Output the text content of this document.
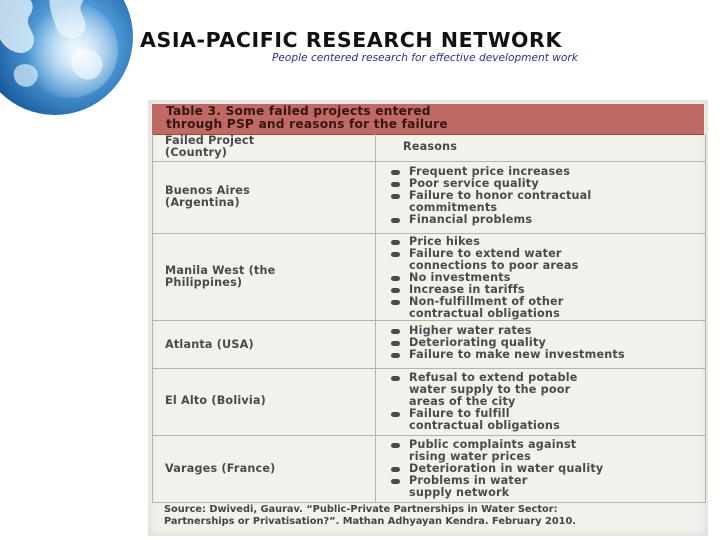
ASIA-PACIFIC RESEARCH NETWORK

People centered research for effective development work

Table 3. Some failed projects entered
through PSP and reasons for the failure
Failed Project
(Country)	Reasons
Buenos Aires
(Argentina)
Frequent price increases
Poor service quality
Failure to honor contractual
commitments
Financial problems
Manila West (the
Philippines)
Price hikes
Failure to extend water
connections to poor areas
No investments
Increase in tariffs
Non-fulfillment of other
contractual obligations
Atlanta (USA)
Higher water rates
Deteriorating quality
Failure to make new investments
El Alto (Bolivia)
Refusal to extend potable
water supply to the poor
areas of the city
Failure to fulfill
contractual obligations
Varages (France)
Public complaints against
rising water prices
Deterioration in water quality
Problems in water
supply network
Source: Dwivedi, Gaurav. “Public-Private Partnerships in Water Sector:
Partnerships or Privatisation?”. Mathan Adhyayan Kendra. February 2010.
